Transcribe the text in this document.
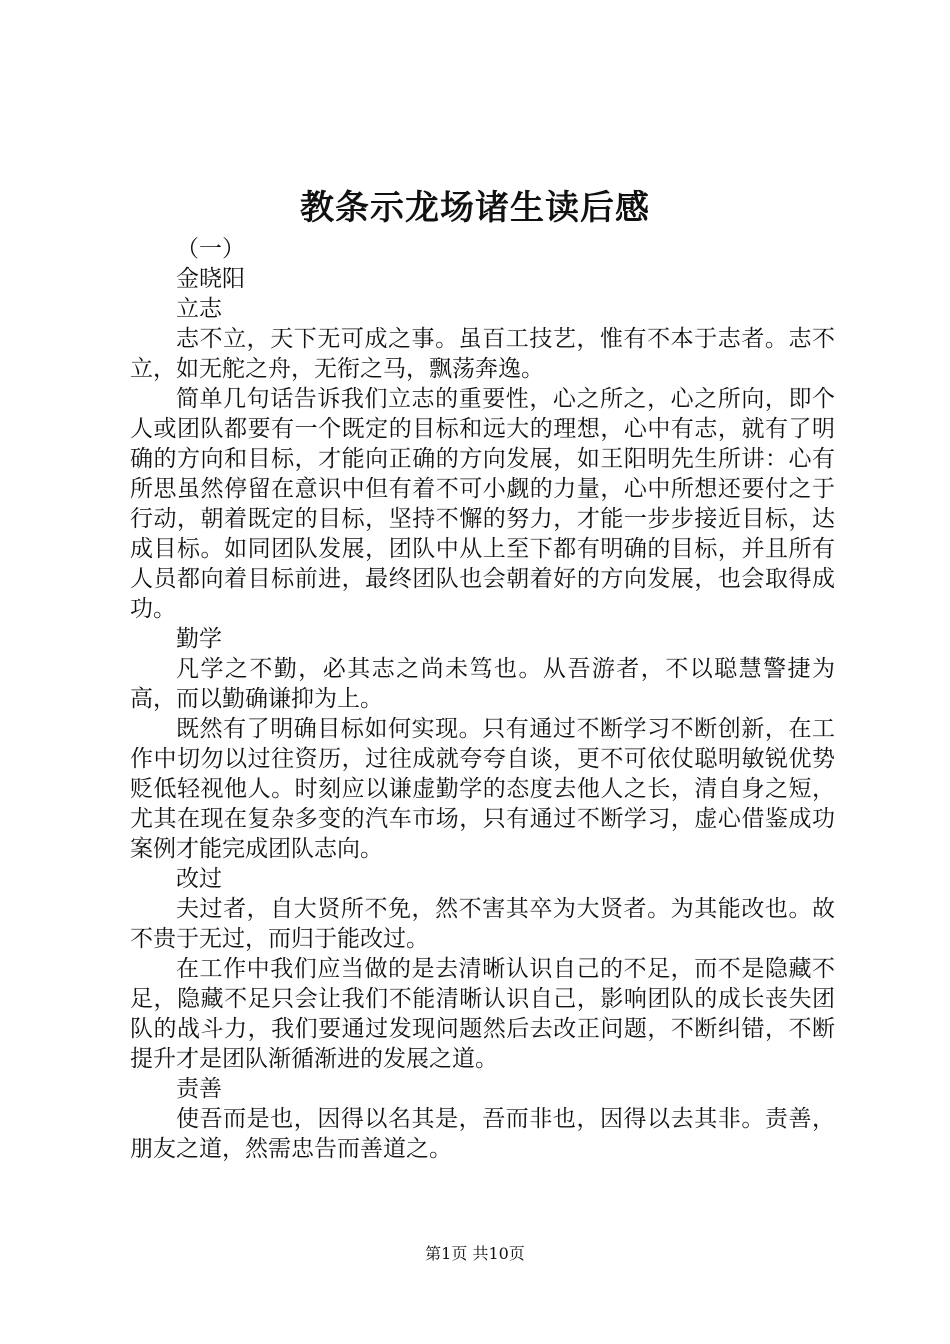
教条示龙场诸生读后感
（一）
金晓阳
立志

志不立，天下无可成之事。虽百工技艺，惟有不本于志者。志不立，如无舵之舟，无衔之马，飘荡奔逸。

简单几句话告诉我们立志的重要性，心之所之，心之所向，即个人或团队都要有一个既定的目标和远大的理想，心中有志，就有了明确的方向和目标，才能向正确的方向发展，如王阳明先生所讲：心有所思虽然停留在意识中但有着不可小觑的力量，心中所想还要付之于行动，朝着既定的目标，坚持不懈的努力，才能一步步接近目标，达成目标。如同团队发展，团队中从上至下都有明确的目标，并且所有人员都向着目标前进，最终团队也会朝着好的方向发展，也会取得成功。

勤学

凡学之不勤，必其志之尚未笃也。从吾游者，不以聪慧警捷为高，而以勤确谦抑为上。

既然有了明确目标如何实现。只有通过不断学习不断创新，在工作中切勿以过往资历，过往成就夸夸自谈，更不可依仗聪明敏锐优势贬低轻视他人。时刻应以谦虚勤学的态度去他人之长，清自身之短，尤其在现在复杂多变的汽车市场，只有通过不断学习，虚心借鉴成功案例才能完成团队志向。

改过

夫过者，自大贤所不免，然不害其卒为大贤者。为其能改也。故不贵于无过，而归于能改过。

在工作中我们应当做的是去清晰认识自己的不足，而不是隐藏不足，隐藏不足只会让我们不能清晰认识自己，影响团队的成长丧失团队的战斗力，我们要通过发现问题然后去改正问题，不断纠错，不断提升才是团队渐循渐进的发展之道。

责善

使吾而是也，因得以名其是，吾而非也，因得以去其非。责善，朋友之道，然需忠告而善道之。

第1页 共10页
